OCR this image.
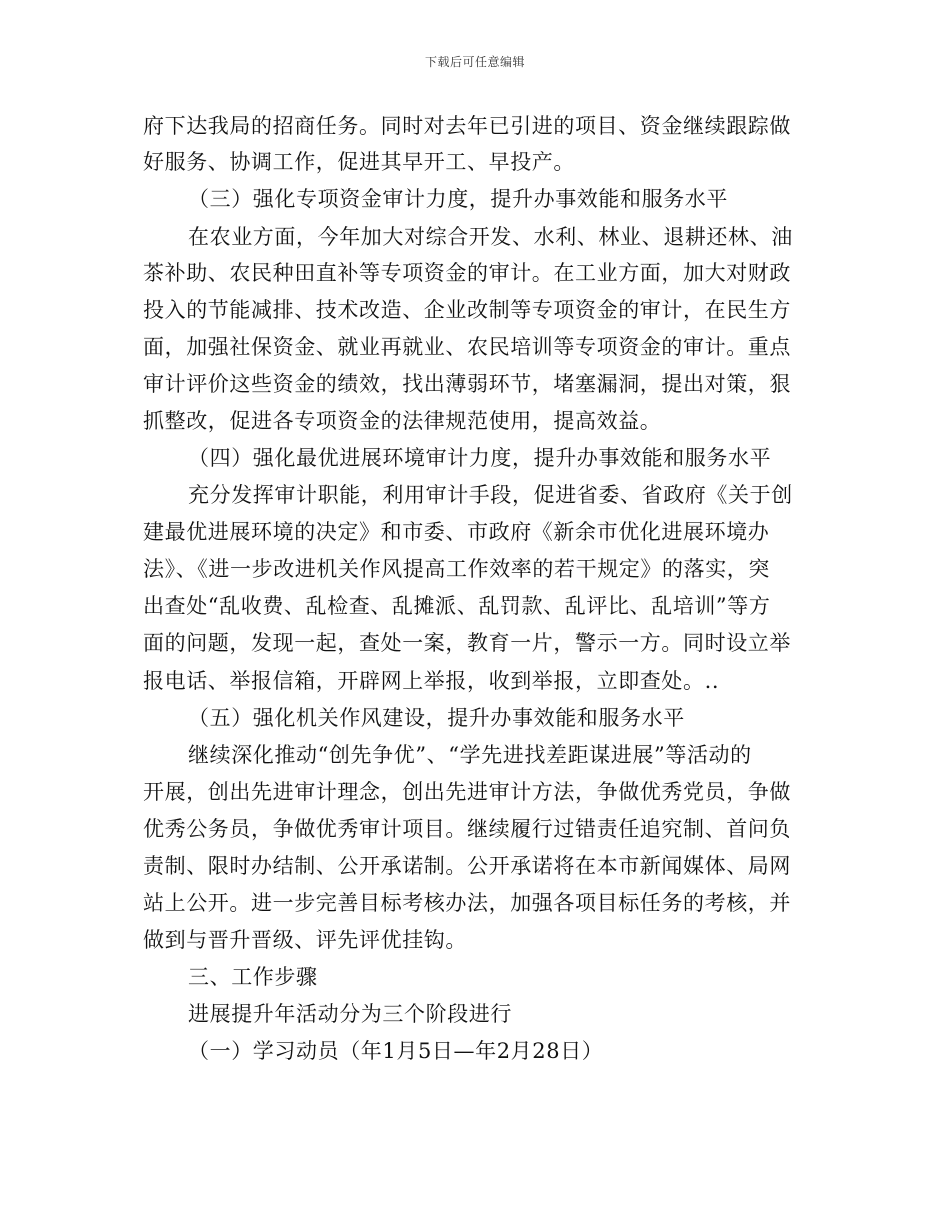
下载后可任意编辑
府下达我局的招商任务。同时对去年已引进的项目、资金继续跟踪做
好服务、协调工作，促进其早开工、早投产。
（三）强化专项资金审计力度，提升办事效能和服务水平
在农业方面，今年加大对综合开发、水利、林业、退耕还林、油
茶补助、农民种田直补等专项资金的审计。在工业方面，加大对财政
投入的节能减排、技术改造、企业改制等专项资金的审计，在民生方
面，加强社保资金、就业再就业、农民培训等专项资金的审计。重点
审计评价这些资金的绩效，找出薄弱环节，堵塞漏洞，提出对策，狠
抓整改，促进各专项资金的法律规范使用，提高效益。
（四）强化最优进展环境审计力度，提升办事效能和服务水平
充分发挥审计职能，利用审计手段，促进省委、省政府《关于创
建最优进展环境的决定》和市委、市政府《新余市优化进展环境办
法》、《进一步改进机关作风提高工作效率的若干规定》的落实，突
出查处“乱收费、乱检查、乱摊派、乱罚款、乱评比、乱培训”等方
面的问题，发现一起，查处一案，教育一片，警示一方。同时设立举
报电话、举报信箱，开辟网上举报，收到举报，立即查处。..
（五）强化机关作风建设，提升办事效能和服务水平
继续深化推动“创先争优”、“学先进找差距谋进展”等活动的
开展，创出先进审计理念，创出先进审计方法，争做优秀党员，争做
优秀公务员，争做优秀审计项目。继续履行过错责任追究制、首问负
责制、限时办结制、公开承诺制。公开承诺将在本市新闻媒体、局网
站上公开。进一步完善目标考核办法，加强各项目标任务的考核，并
做到与晋升晋级、评先评优挂钩。
三、工作步骤
进展提升年活动分为三个阶段进行
（一）学习动员（年1月5日—年2月28日）
